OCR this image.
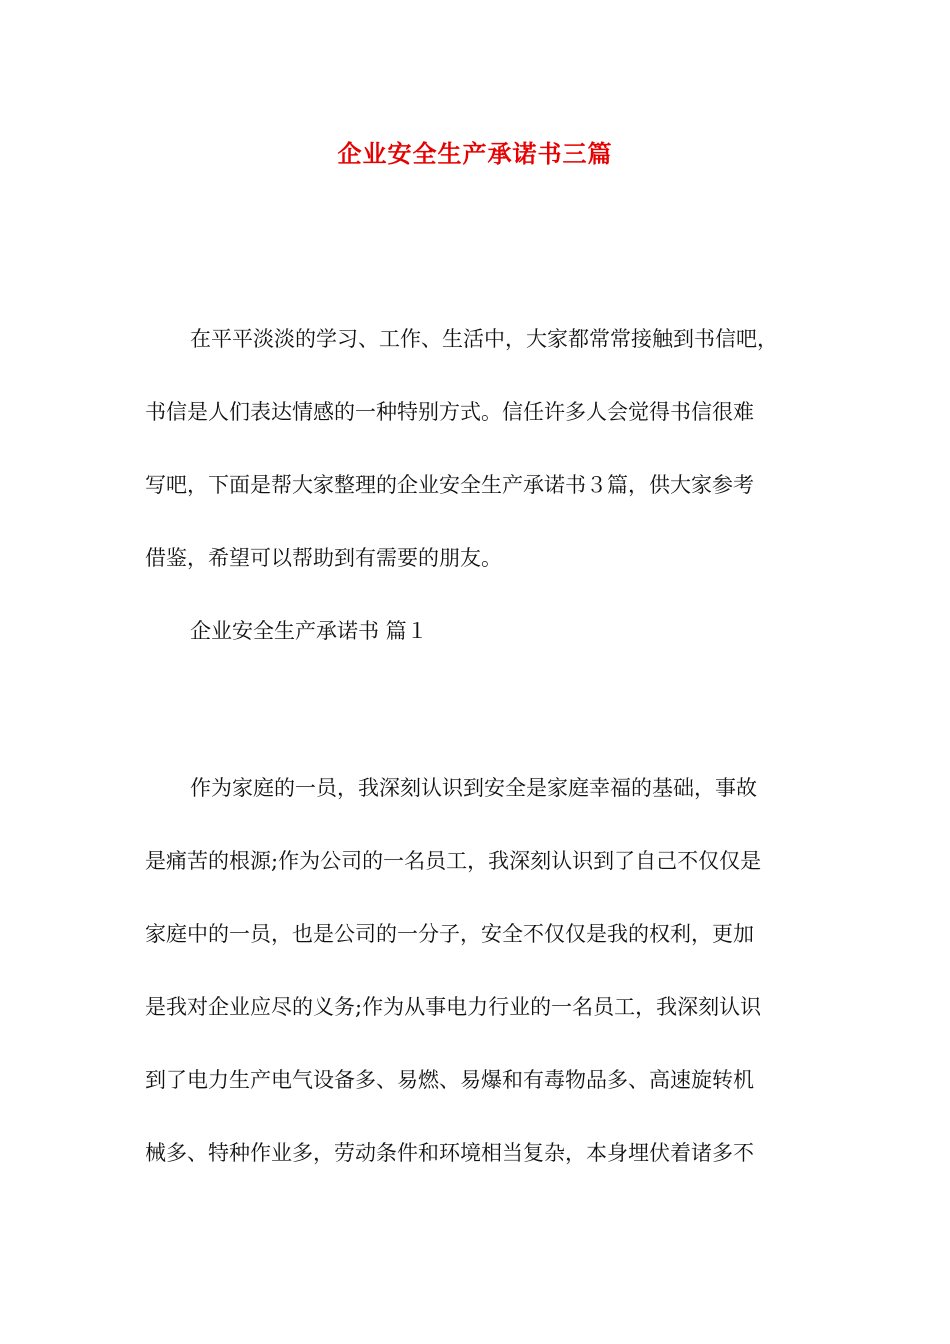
企业安全生产承诺书三篇
在平平淡淡的学习、工作、生活中，大家都常常接触到书信吧，
书信是人们表达情感的一种特别方式。信任许多人会觉得书信很难
写吧，下面是帮大家整理的企业安全生产承诺书３篇，供大家参考
借鉴，希望可以帮助到有需要的朋友。
企业安全生产承诺书 篇１
作为家庭的一员，我深刻认识到安全是家庭幸福的基础，事故
是痛苦的根源;作为公司的一名员工，我深刻认识到了自己不仅仅是
家庭中的一员，也是公司的一分子，安全不仅仅是我的权利，更加
是我对企业应尽的义务;作为从事电力行业的一名员工，我深刻认识
到了电力生产电气设备多、易燃、易爆和有毒物品多、高速旋转机
械多、特种作业多，劳动条件和环境相当复杂，本身埋伏着诸多不
